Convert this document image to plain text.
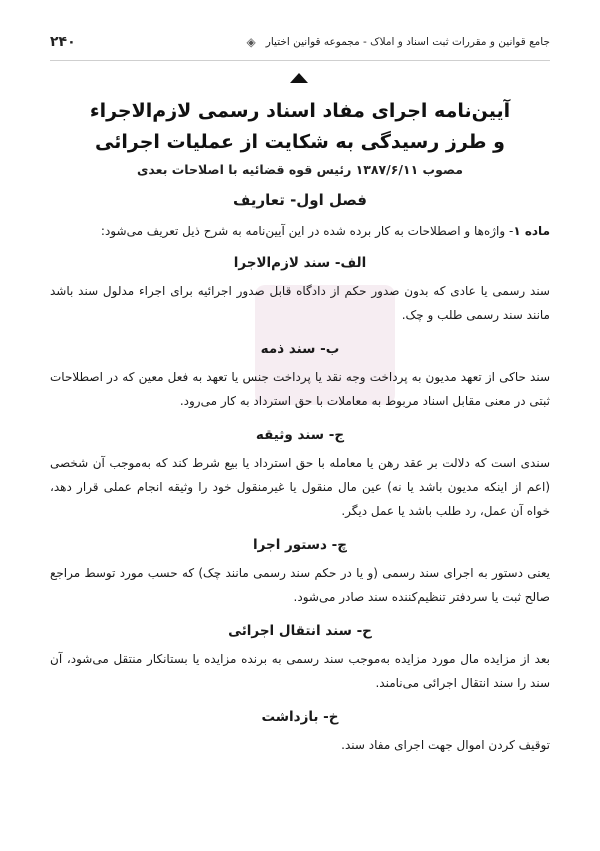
۲۴۰	◈ جامع قوانین و مقررات ثبت اسناد و املاک - مجموعه قوانین اختیار
آیین‌نامه اجرای مفاد اسناد رسمی لازم‌الاجراء
و طرز رسیدگی به شکایت از عملیات اجرائی

مصوب ۱۳۸۷/۶/۱۱ رئیس قوه قضائیه با اصلاحات بعدی

فصل اول- تعاریف

ماده ۱- واژه‌ها و اصطلاحات به کار برده شده در این آیین‌نامه به شرح ذیل تعریف می‌شود:

الف- سند لازم‌الاجرا

سند رسمی یا عادی که بدون صدور حکم از دادگاه قابل صدور اجرائیه برای اجراء مدلول سند باشد مانند سند رسمی طلب و چک.

ب- سند ذمه

سند حاکی از تعهد مدیون به پرداخت وجه نقد یا پرداخت جنس یا تعهد به فعل معین که در اصطلاحات ثبتی در معنی مقابل اسناد مربوط به معاملات با حق استرداد به کار می‌رود.

ج- سند وثیقه

سندی است که دلالت بر عقد رهن یا معامله با حق استرداد یا بیع شرط کند که به‌موجب آن شخصی (اعم از اینکه مدیون باشد یا نه) عین مال منقول یا غیرمنقول خود را وثیقه انجام عملی قرار دهد، خواه آن عمل، رد طلب باشد یا عمل دیگر.

چ- دستور اجرا

یعنی دستور به اجرای سند رسمی (و یا در حکم سند رسمی مانند چک) که حسب مورد توسط مراجع صالح ثبت یا سردفتر تنظیم‌کننده سند صادر می‌شود.

ح- سند انتقال اجرائی

بعد از مزایده مال مورد مزایده به‌موجب سند رسمی به برنده مزایده یا بستانکار منتقل می‌شود، آن سند را سند انتقال اجرائی می‌نامند.

خ- بازداشت

توقیف کردن اموال جهت اجرای مفاد سند.
